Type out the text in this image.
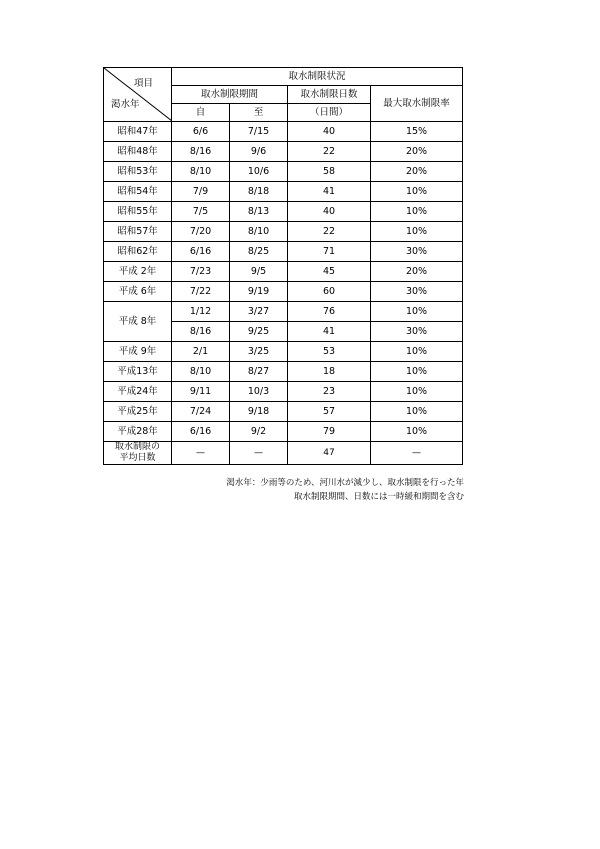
項目
渇水年	取水制限状況			
	取水制限期間		取水制限日数	最大取水制限率
	自	至	（日間）	
昭和47年	6/6	7/15	40	15%
昭和48年	8/16	9/6	22	20%
昭和53年	8/10	10/6	58	20%
昭和54年	7/9	8/18	41	10%
昭和55年	7/5	8/13	40	10%
昭和57年	7/20	8/10	22	10%
昭和62年	6/16	8/25	71	30%
平成 2年	7/23	9/5	45	20%
平成 6年	7/22	9/19	60	30%
平成 8年	1/12	3/27	76	10%
	8/16	9/25	41	30%
平成 9年	2/1	3/25	53	10%
平成13年	8/10	8/27	18	10%
平成24年	9/11	10/3	23	10%
平成25年	7/24	9/18	57	10%
平成28年	6/16	9/2	79	10%
取水制限の
平均日数	—	—	47	—
渇水年：少雨等のため、河川水が減少し、取水制限を行った年
取水制限期間、日数には一時緩和期間を含む
